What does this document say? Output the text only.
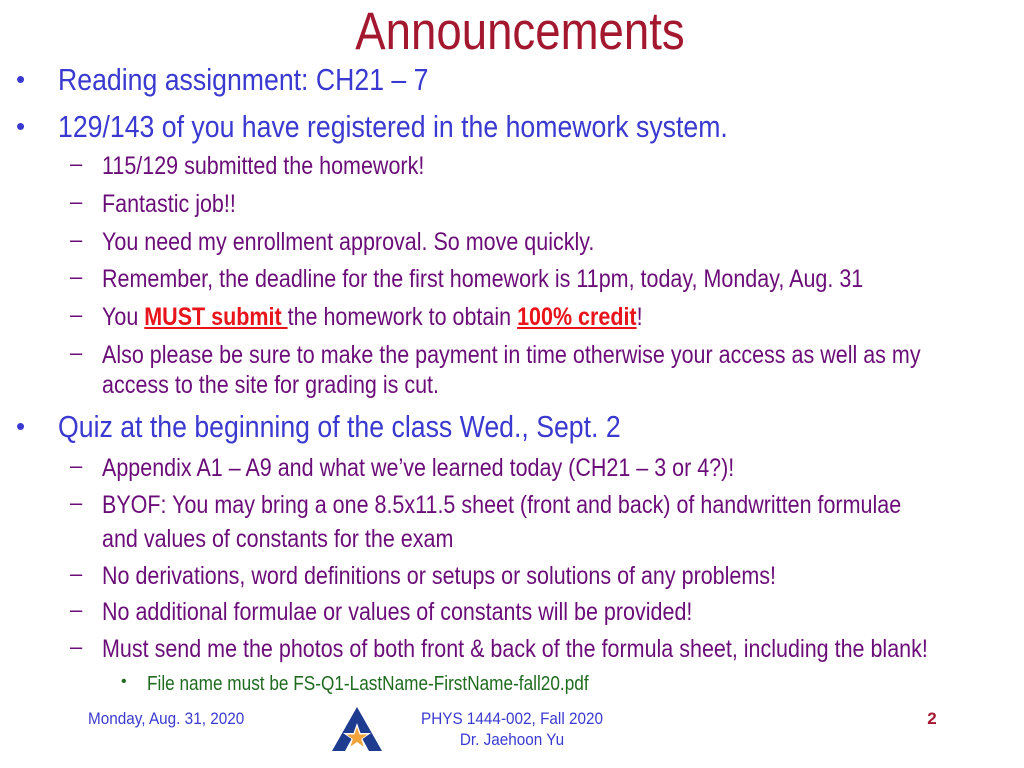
Announcements
• Reading assignment: CH21 – 7
• 129/143 of you have registered in the homework system.
– 115/129 submitted the homework!
– Fantastic job!!
– You need my enrollment approval. So move quickly.
– Remember, the deadline for the first homework is 11pm, today, Monday, Aug. 31
– You MUST submit the homework to obtain 100% credit!
– Also please be sure to make the payment in time otherwise your access as well as my
access to the site for grading is cut.
• Quiz at the beginning of the class Wed., Sept. 2
– Appendix A1 – A9 and what we’ve learned today (CH21 – 3 or 4?)!
– BYOF: You may bring a one 8.5x11.5 sheet (front and back) of handwritten formulae
and values of constants for the exam
– No derivations, word definitions or setups or solutions of any problems!
– No additional formulae or values of constants will be provided!
– Must send me the photos of both front & back of the formula sheet, including the blank!
• File name must be FS-Q1-LastName-FirstName-fall20.pdf
Monday, Aug. 31, 2020	PHYS 1444-002, Fall 2020
Dr. Jaehoon Yu
2
